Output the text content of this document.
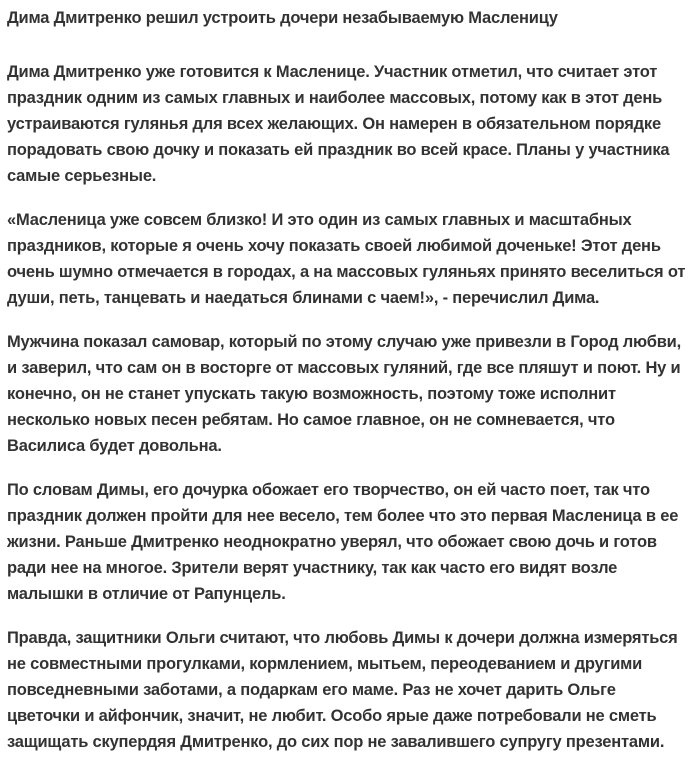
Дима Дмитренко решил устроить дочери незабываемую Масленицу

Дима Дмитренко уже готовится к Масленице. Участник отметил, что считает этот праздник одним из самых главных и наиболее массовых, потому как в этот день устраиваются гулянья для всех желающих. Он намерен в обязательном порядке порадовать свою дочку и показать ей праздник во всей красе. Планы у участника самые серьезные.

«Масленица уже совсем близко! И это один из самых главных и масштабных праздников, которые я очень хочу показать своей любимой доченьке! Этот день очень шумно отмечается в городах, а на массовых гуляньях принято веселиться от души, петь, танцевать и наедаться блинами с чаем!», - перечислил Дима.

Мужчина показал самовар, который по этому случаю уже привезли в Город любви, и заверил, что сам он в восторге от массовых гуляний, где все пляшут и поют. Ну и конечно, он не станет упускать такую возможность, поэтому тоже исполнит несколько новых песен ребятам. Но самое главное, он не сомневается, что Василиса будет довольна.

По словам Димы, его дочурка обожает его творчество, он ей часто поет, так что праздник должен пройти для нее весело, тем более что это первая Масленица в ее жизни. Раньше Дмитренко неоднократно уверял, что обожает свою дочь и готов ради нее на многое. Зрители верят участнику, так как часто его видят возле малышки в отличие от Рапунцель.

Правда, защитники Ольги считают, что любовь Димы к дочери должна измеряться не совместными прогулками, кормлением, мытьем, переодеванием и другими повседневными заботами, а подаркам его маме. Раз не хочет дарить Ольге цветочки и айфончик, значит, не любит. Особо ярые даже потребовали не сметь защищать скупердяя Дмитренко, до сих пор не завалившего супругу презентами.
